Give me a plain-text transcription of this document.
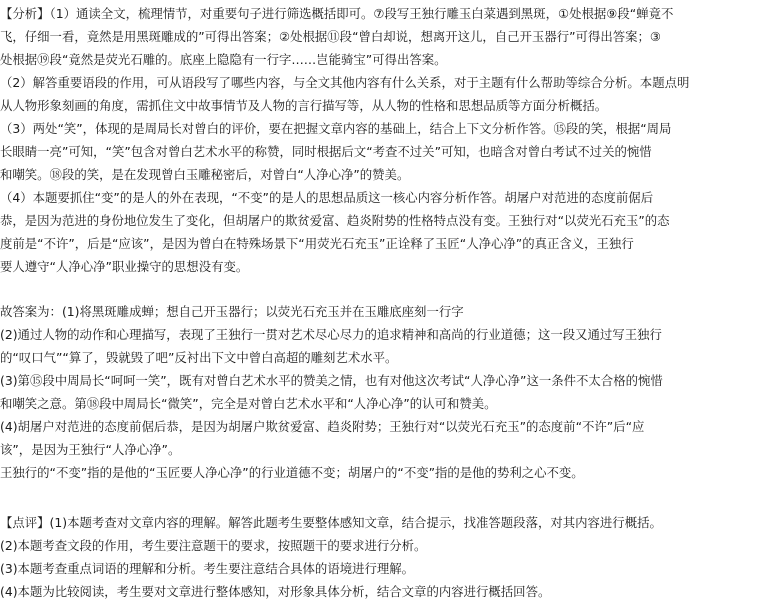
【分析】（1）通读全文，梳理情节，对重要句子进行筛选概括即可。⑦段写王独行雕玉白菜遇到黑斑，①处根据⑨段“蝉竟不
飞，仔细一看，竟然是用黑斑雕成的”可得出答案；②处根据⑪段“曾白却说，想离开这儿，自己开玉器行”可得出答案；③
处根据⑲段“竟然是荧光石雕的。底座上隐隐有一行字……岂能骑宝”可得出答案。
（2）解答重要语段的作用，可从语段写了哪些内容，与全文其他内容有什么关系，对于主题有什么帮助等综合分析。本题点明
从人物形象刻画的角度，需抓住文中故事情节及人物的言行描写等，从人物的性格和思想品质等方面分析概括。
（3）两处“笑”，体现的是周局长对曾白的评价，要在把握文章内容的基础上，结合上下文分析作答。⑮段的笑，根据“周局
长眼睛一亮”可知，“笑”包含对曾白艺术水平的称赞，同时根据后文“考查不过关”可知，也暗含对曾白考试不过关的惋惜
和嘲笑。⑱段的笑，是在发现曾白玉雕秘密后，对曾白“人净心净”的赞美。
（4）本题要抓住“变”的是人的外在表现，“不变”的是人的思想品质这一核心内容分析作答。胡屠户对范进的态度前倨后
恭，是因为范进的身份地位发生了变化，但胡屠户的欺贫爱富、趋炎附势的性格特点没有变。王独行对“以荧光石充玉”的态
度前是“不许”，后是“应该”，是因为曾白在特殊场景下“用荧光石充玉”正诠释了玉匠“人净心净”的真正含义，王独行
要人遵守“人净心净”职业操守的思想没有变。
故答案为：(1)将黑斑雕成蝉；想自己开玉器行；以荧光石充玉并在玉雕底座刻一行字
(2)通过人物的动作和心理描写，表现了王独行一贯对艺术尽心尽力的追求精神和高尚的行业道德；这一段又通过写王独行
的“叹口气”“算了，毁就毁了吧”反衬出下文中曾白高超的雕刻艺术水平。
(3)第⑮段中周局长“呵呵一笑”，既有对曾白艺术水平的赞美之情，也有对他这次考试“人净心净”这一条件不太合格的惋惜
和嘲笑之意。第⑱段中周局长“微笑”，完全是对曾白艺术水平和“人净心净”的认可和赞美。
(4)胡屠户对范进的态度前倨后恭，是因为胡屠户欺贫爱富、趋炎附势；王独行对“以荧光石充玉”的态度前“不许”后“应
该”，是因为王独行“人净心净”。
王独行的“不变”指的是他的“玉匠要人净心净”的行业道德不变；胡屠户的“不变”指的是他的势利之心不变。
【点评】(1)本题考查对文章内容的理解。解答此题考生要整体感知文章，结合提示，找准答题段落，对其内容进行概括。
(2)本题考查文段的作用，考生要注意题干的要求，按照题干的要求进行分析。
(3)本题考查重点词语的理解和分析。考生要注意结合具体的语境进行理解。
(4)本题为比较阅读，考生要对文章进行整体感知，对形象具体分析，结合文章的内容进行概括回答。
